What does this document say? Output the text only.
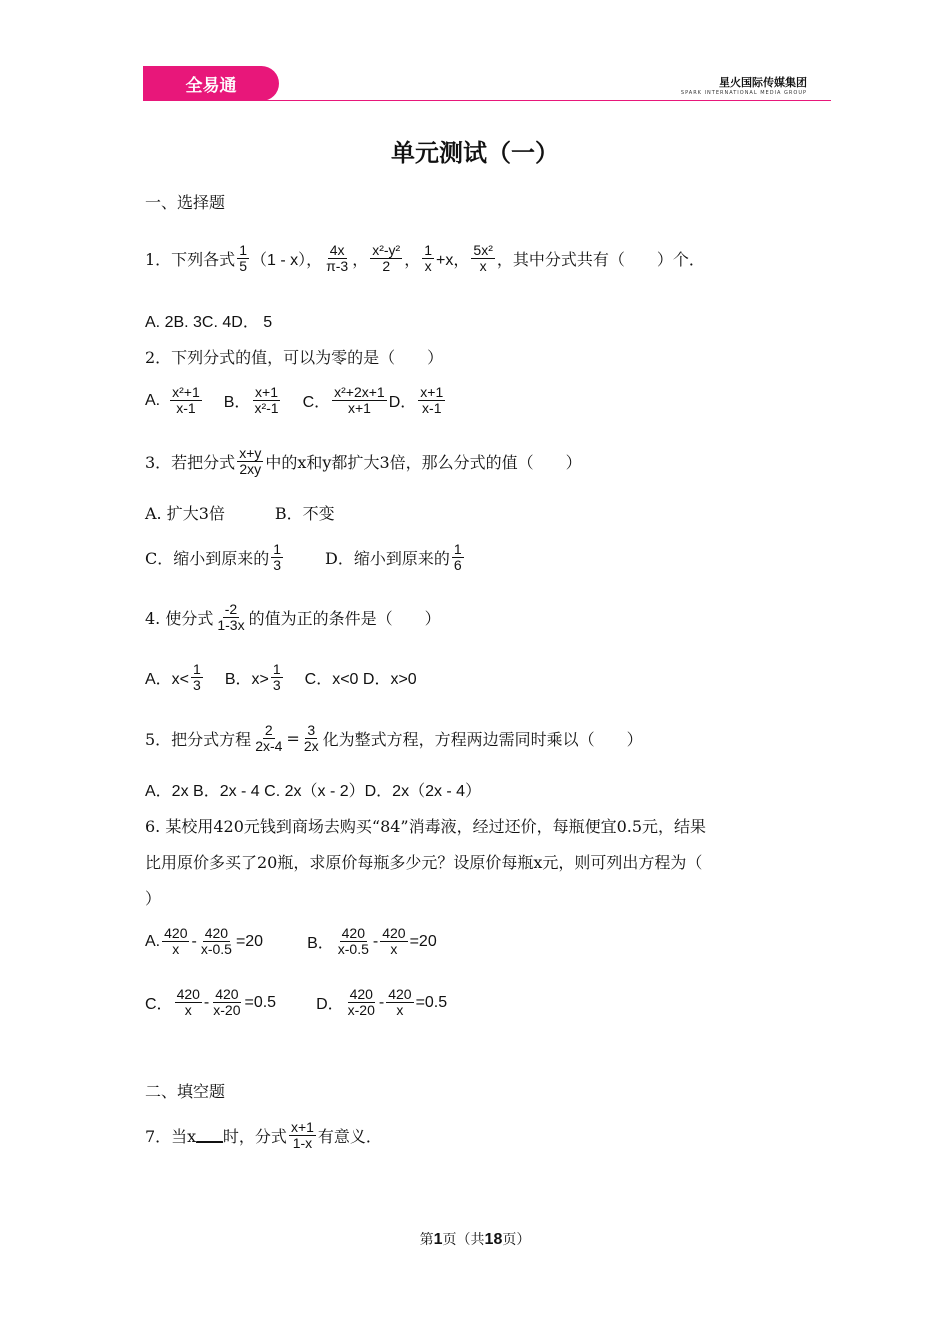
全易通	星火国际传媒集团
SPARK INTERNATIONAL MEDIA GROUP
单元测试（一）
一、选择题
1．下列各式 $\frac{1}{5} (1 - x)$， $\frac{4x}{\pi-3}$ ， $\frac{\text{x²-y²}}{2}$ ， $\frac{1}{x} +x$， $\frac{\text{5x²}}{x}$ ，其中分式共有（　　）个．
A. 2B. 3C. 4D． 5
2．下列分式的值，可以为零的是（　　）
A. $\frac{\text{x²+1}}{x-1}$ B． $\frac{x+1}{\text{x²-1}}$ C． $\frac{\text{x²+2x+1}}{x+1}$ D． $\frac{x+1}{x-1}$
3．若把分式 $\frac{x+y}{2xy}$ 中的x和y都扩大3倍，那么分式的值（　　）
A. 扩大3倍	B．不变
C．缩小到原来的 $\frac{1}{3}$	D．缩小到原来的 $\frac{1}{6}$
4. 使分式 $\frac{-2}{1-3x}$ 的值为正的条件是（　　）
A．$x< \frac{1}{3}$ B．$x> \frac{1}{3}$ C．x<0 D．x>0
5．把分式方程 $\frac{2}{2x-4} = \frac{3}{2x}$ 化为整式方程，方程两边需同时乘以（　　）
A．2x B．2x - 4 C. 2x（x - 2）D．2x（2x - 4）
6. 某校用420元钱到商场去购买“84”消毒液，经过还价，每瓶便宜0.5元，结果
比用原价多买了20瓶，求原价每瓶多少元？设原价每瓶x元，则可列出方程为（
）
A. $\frac{420}{x} - \frac{420}{x-0.5} =20$	B． $\frac{420}{x-0.5} - \frac{420}{x} =20$
C． $\frac{420}{x} - \frac{420}{x-20} =0.5$	D． $\frac{420}{x-20} - \frac{420}{x} =0.5$
二、填空题
7．当x ___ 时，分式 $\frac{x+1}{1-x}$ 有意义．
第1页（共18页）
